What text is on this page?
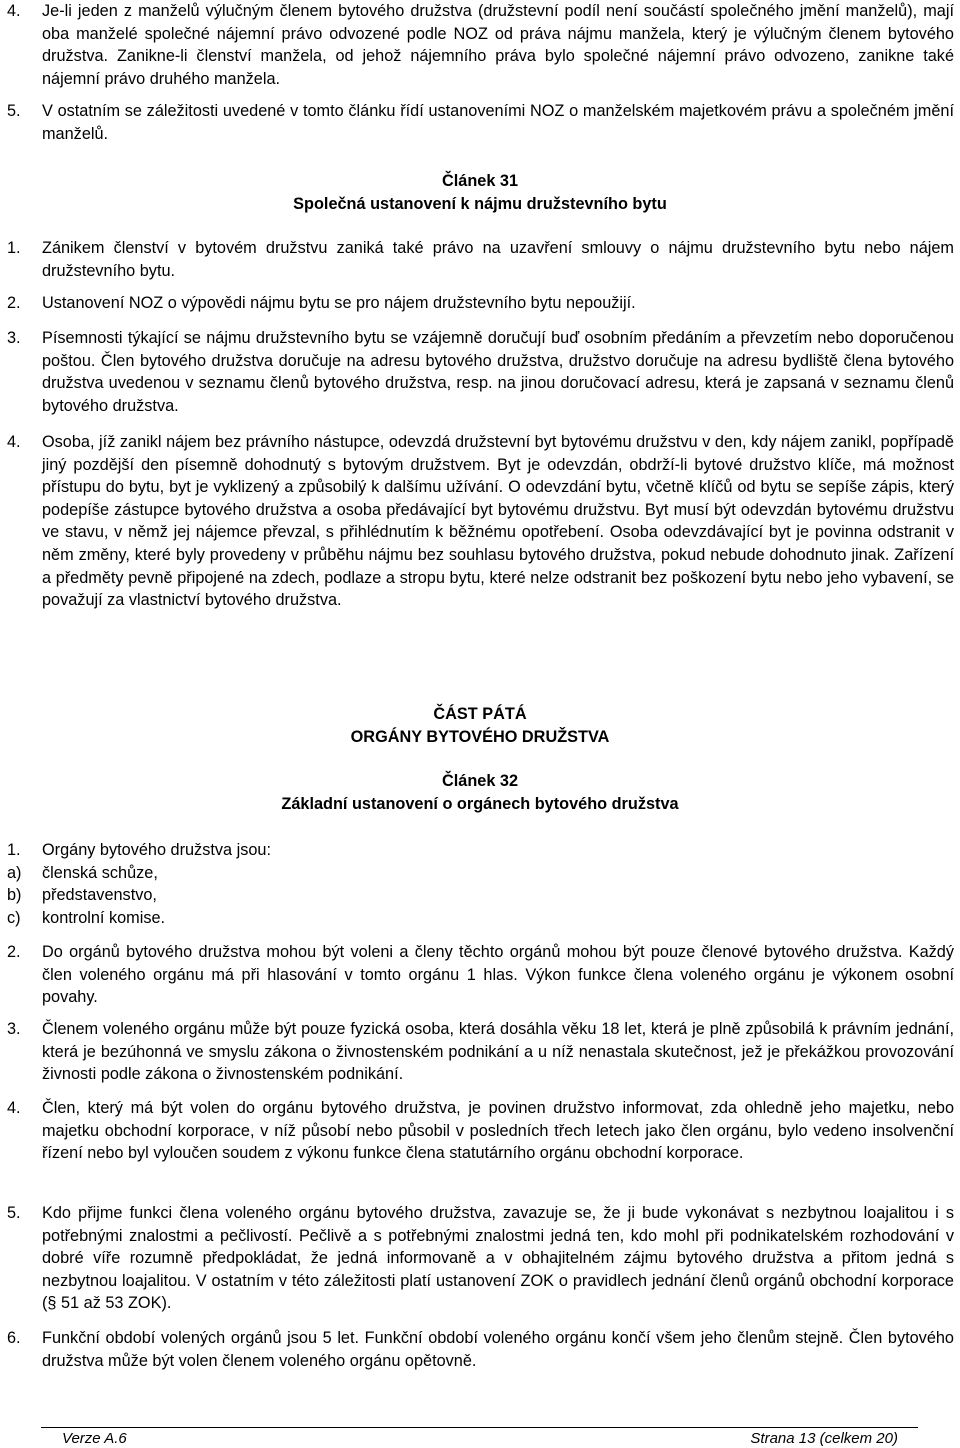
4. Je-li jeden z manželů výlučným členem bytového družstva (družstevní podíl není součástí společného jmění manželů), mají oba manželé společné nájemní právo odvozené podle NOZ od práva nájmu manžela, který je výlučným členem bytového družstva. Zanikne-li členství manžela, od jehož nájemního práva bylo společné nájemní právo odvozeno, zanikne také nájemní právo druhého manžela.

5. V ostatním se záležitosti uvedené v tomto článku řídí ustanoveními NOZ o manželském majetkovém právu a společném jmění manželů.

Článek 31
Společná ustanovení k nájmu družstevního bytu
1. Zánikem členství v bytovém družstvu zaniká také právo na uzavření smlouvy o nájmu družstevního bytu nebo nájem družstevního bytu.

2. Ustanovení NOZ o výpovědi nájmu bytu se pro nájem družstevního bytu nepoužijí.

3. Písemnosti týkající se nájmu družstevního bytu se vzájemně doručují buď osobním předáním a převzetím nebo doporučenou poštou. Člen bytového družstva doručuje na adresu bytového družstva, družstvo doručuje na adresu bydliště člena bytového družstva uvedenou v seznamu členů bytového družstva, resp. na jinou doručovací adresu, která je zapsaná v seznamu členů bytového družstva.

4. Osoba, jíž zanikl nájem bez právního nástupce, odevzdá družstevní byt bytovému družstvu v den, kdy nájem zanikl, popřípadě jiný pozdější den písemně dohodnutý s bytovým družstvem. Byt je odevzdán, obdrží-li bytové družstvo klíče, má možnost přístupu do bytu, byt je vyklizený a způsobilý k dalšímu užívání. O odevzdání bytu, včetně klíčů od bytu se sepíše zápis, který podepíše zástupce bytového družstva a osoba předávající byt bytovému družstvu. Byt musí být odevzdán bytovému družstvu ve stavu, v němž jej nájemce převzal, s přihlédnutím k běžnému opotřebení. Osoba odevzdávající byt je povinna odstranit v něm změny, které byly provedeny v průběhu nájmu bez souhlasu bytového družstva, pokud nebude dohodnuto jinak. Zařízení a předměty pevně připojené na zdech, podlaze a stropu bytu, které nelze odstranit bez poškození bytu nebo jeho vybavení, se považují za vlastnictví bytového družstva.

ČÁST PÁTÁ
ORGÁNY BYTOVÉHO DRUŽSTVA
Článek 32
Základní ustanovení o orgánech bytového družstva
1. Orgány bytového družstva jsou:

a) členská schůze,
b) představenstvo,
c) kontrolní komise.
2. Do orgánů bytového družstva mohou být voleni a členy těchto orgánů mohou být pouze členové bytového družstva. Každý člen voleného orgánu má při hlasování v tomto orgánu 1 hlas. Výkon funkce člena voleného orgánu je výkonem osobní povahy.

3. Členem voleného orgánu může být pouze fyzická osoba, která dosáhla věku 18 let, která je plně způsobilá k právním jednání, která je bezúhonná ve smyslu zákona o živnostenském podnikání a u níž nenastala skutečnost, jež je překážkou provozování živnosti podle zákona o živnostenském podnikání.

4. Člen, který má být volen do orgánu bytového družstva, je povinen družstvo informovat, zda ohledně jeho majetku, nebo majetku obchodní korporace, v níž působí nebo působil v posledních třech letech jako člen orgánu, bylo vedeno insolvenční řízení nebo byl vyloučen soudem z výkonu funkce člena statutárního orgánu obchodní korporace.

5. Kdo přijme funkci člena voleného orgánu bytového družstva, zavazuje se, že ji bude vykonávat s nezbytnou loajalitou i s potřebnými znalostmi a pečlivostí. Pečlivě a s potřebnými znalostmi jedná ten, kdo mohl při podnikatelském rozhodování v dobré víře rozumně předpokládat, že jedná informovaně a v obhajitelném zájmu bytového družstva a přitom jedná s nezbytnou loajalitou. V ostatním v této záležitosti platí ustanovení ZOK o pravidlech jednání členů orgánů obchodní korporace (§ 51 až 53 ZOK).

6. Funkční období volených orgánů jsou 5 let. Funkční období voleného orgánu končí všem jeho členům stejně. Člen bytového družstva může být volen členem voleného orgánu opětovně.

Verze A.6	Strana 13 (celkem 20)
